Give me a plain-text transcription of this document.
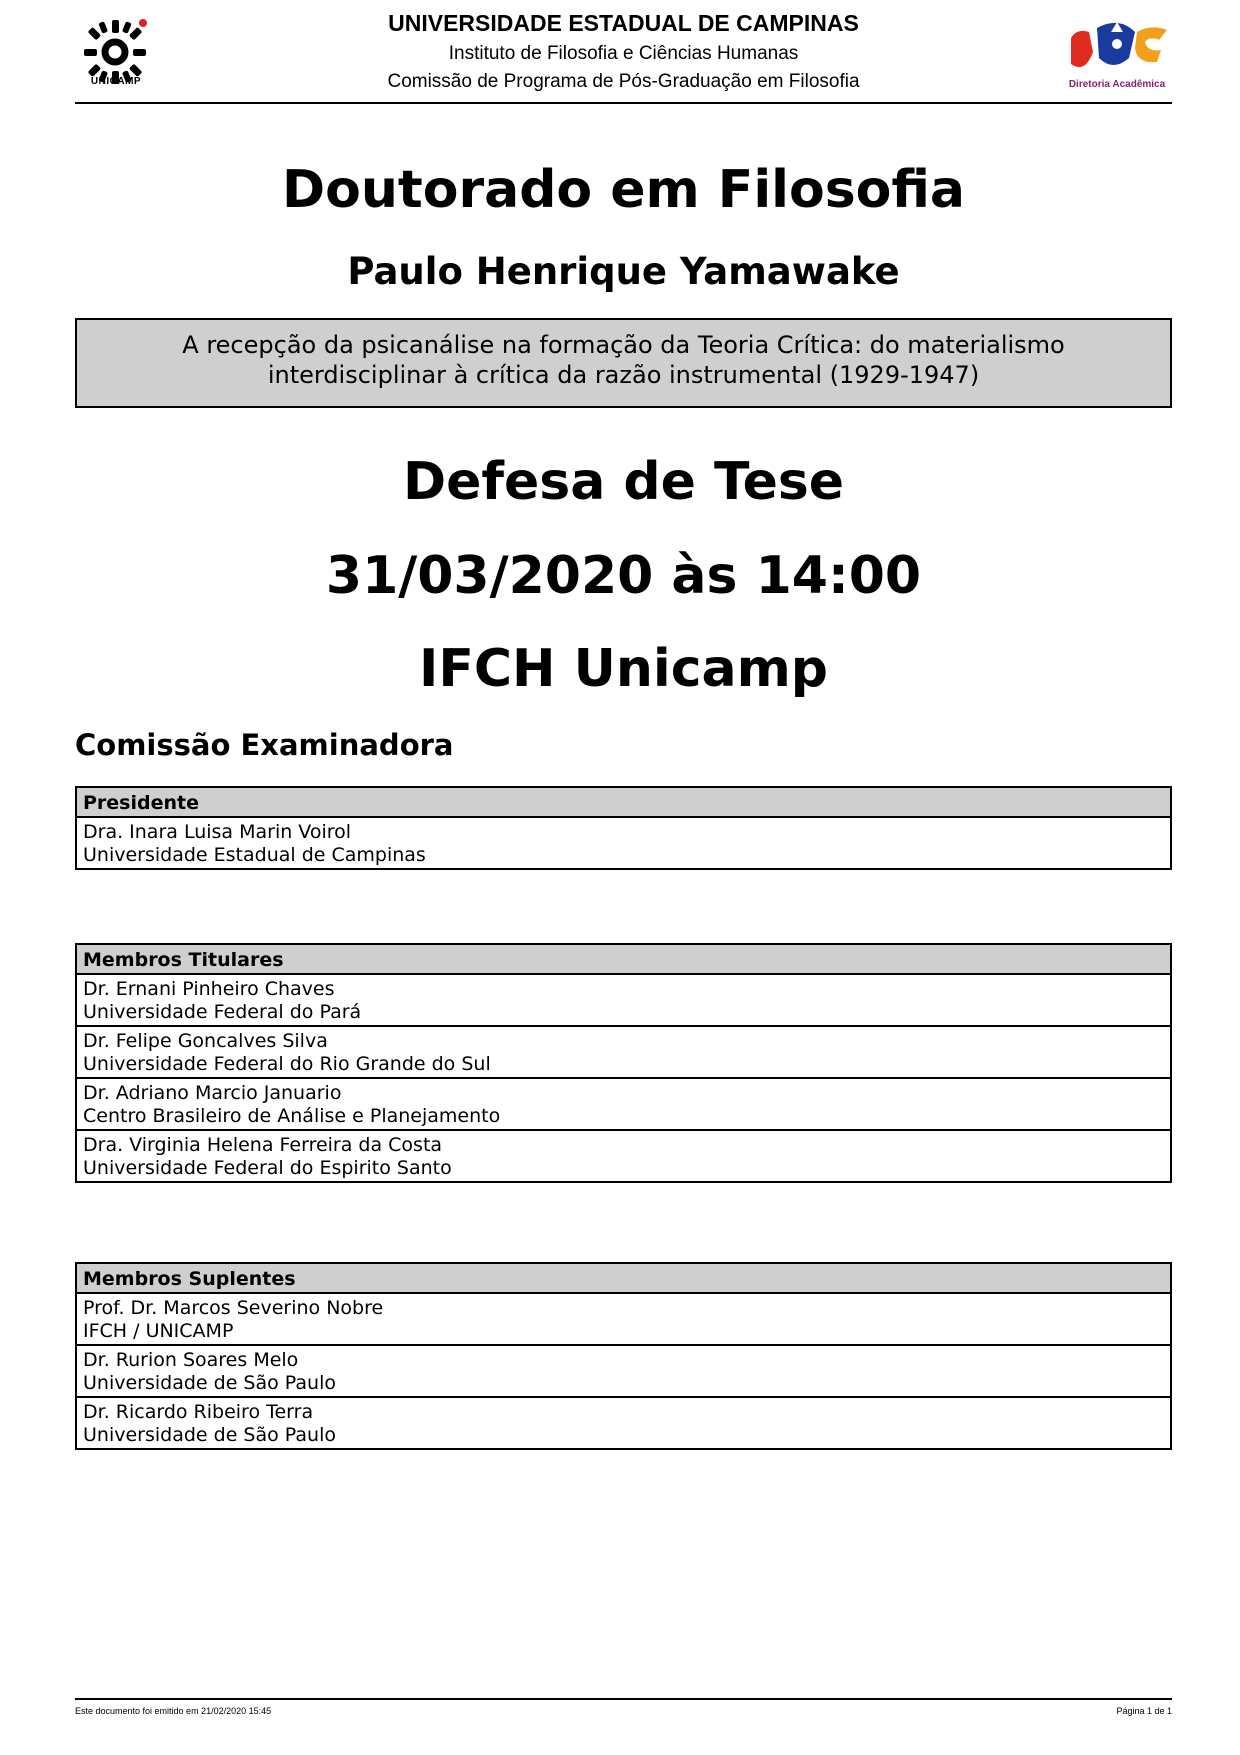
UNICAMP
UNIVERSIDADE ESTADUAL DE CAMPINAS
Instituto de Filosofia e Ciências Humanas
Comissão de Programa de Pós-Graduação em Filosofia	Diretoria Acadêmica
Doutorado em Filosofia
Paulo Henrique Yamawake
A recepção da psicanálise na formação da Teoria Crítica: do materialismo
interdisciplinar à crítica da razão instrumental (1929-1947)
Defesa de Tese
31/03/2020 às 14:00
IFCH Unicamp
Comissão Examinadora
Presidente
Dra. Inara Luisa Marin Voirol
Universidade Estadual de Campinas
Membros Titulares
Dr. Ernani Pinheiro Chaves
Universidade Federal do Pará
Dr. Felipe Goncalves Silva
Universidade Federal do Rio Grande do Sul
Dr. Adriano Marcio Januario
Centro Brasileiro de Análise e Planejamento
Dra. Virginia Helena Ferreira da Costa
Universidade Federal do Espirito Santo
Membros Suplentes
Prof. Dr. Marcos Severino Nobre
IFCH / UNICAMP
Dr. Rurion Soares Melo
Universidade de São Paulo
Dr. Ricardo Ribeiro Terra
Universidade de São Paulo
Este documento foi emitido em 21/02/2020 15:45	Página 1 de 1
